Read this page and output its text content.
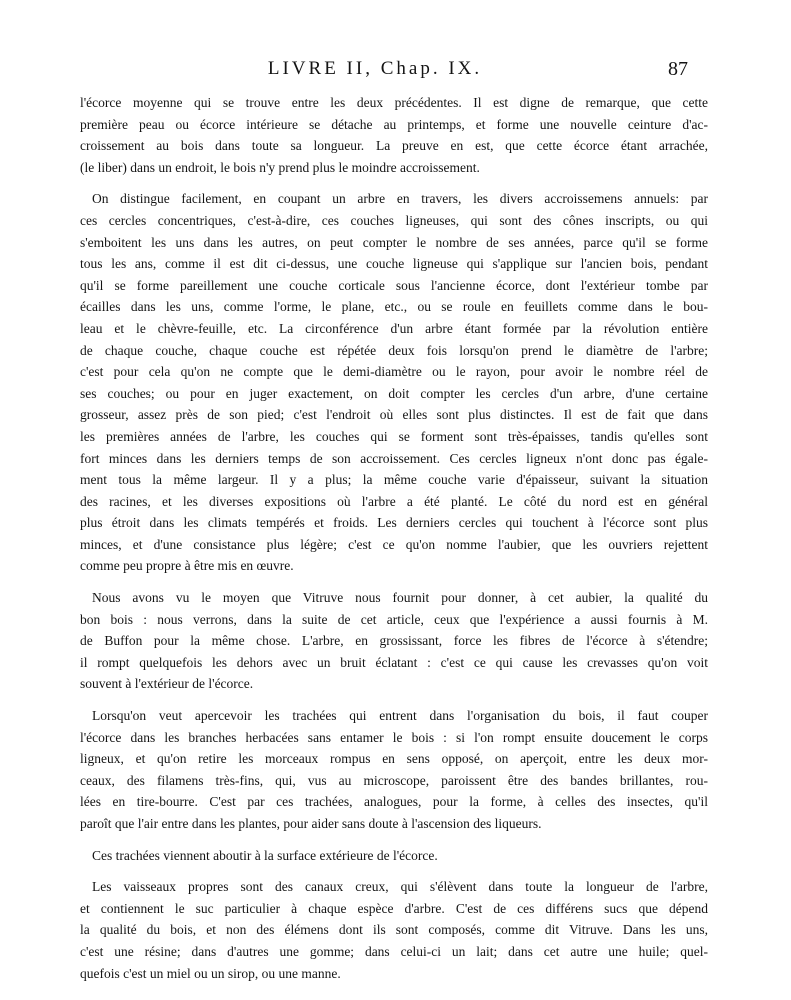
LIVRE II, Chap. IX.	87
l'écorce moyenne qui se trouve entre les deux précédentes. Il est digne de remarque, que cette
première peau ou écorce intérieure se détache au printemps, et forme une nouvelle ceinture d'ac-
croissement au bois dans toute sa longueur. La preuve en est, que cette écorce étant arrachée,
(le liber) dans un endroit, le bois n'y prend plus le moindre accroissement.
On distingue facilement, en coupant un arbre en travers, les divers accroissemens annuels: par
ces cercles concentriques, c'est-à-dire, ces couches ligneuses, qui sont des cônes inscripts, ou qui
s'emboitent les uns dans les autres, on peut compter le nombre de ses années, parce qu'il se forme
tous les ans, comme il est dit ci-dessus, une couche ligneuse qui s'applique sur l'ancien bois, pendant
qu'il se forme pareillement une couche corticale sous l'ancienne écorce, dont l'extérieur tombe par
écailles dans les uns, comme l'orme, le plane, etc., ou se roule en feuillets comme dans le bou-
leau et le chèvre-feuille, etc. La circonférence d'un arbre étant formée par la révolution entière
de chaque couche, chaque couche est répétée deux fois lorsqu'on prend le diamètre de l'arbre;
c'est pour cela qu'on ne compte que le demi-diamètre ou le rayon, pour avoir le nombre réel de
ses couches; ou pour en juger exactement, on doit compter les cercles d'un arbre, d'une certaine
grosseur, assez près de son pied; c'est l'endroit où elles sont plus distinctes. Il est de fait que dans
les premières années de l'arbre, les couches qui se forment sont très-épaisses, tandis qu'elles sont
fort minces dans les derniers temps de son accroissement. Ces cercles ligneux n'ont donc pas égale-
ment tous la même largeur. Il y a plus; la même couche varie d'épaisseur, suivant la situation
des racines, et les diverses expositions où l'arbre a été planté. Le côté du nord est en général
plus étroit dans les climats tempérés et froids. Les derniers cercles qui touchent à l'écorce sont plus
minces, et d'une consistance plus légère; c'est ce qu'on nomme l'aubier, que les ouvriers rejettent
comme peu propre à être mis en œuvre.
Nous avons vu le moyen que Vitruve nous fournit pour donner, à cet aubier, la qualité du
bon bois : nous verrons, dans la suite de cet article, ceux que l'expérience a aussi fournis à M.
de Buffon pour la même chose. L'arbre, en grossissant, force les fibres de l'écorce à s'étendre;
il rompt quelquefois les dehors avec un bruit éclatant : c'est ce qui cause les crevasses qu'on voit
souvent à l'extérieur de l'écorce.
Lorsqu'on veut apercevoir les trachées qui entrent dans l'organisation du bois, il faut couper
l'écorce dans les branches herbacées sans entamer le bois : si l'on rompt ensuite doucement le corps
ligneux, et qu'on retire les morceaux rompus en sens opposé, on aperçoit, entre les deux mor-
ceaux, des filamens très-fins, qui, vus au microscope, paroissent être des bandes brillantes, rou-
lées en tire-bourre. C'est par ces trachées, analogues, pour la forme, à celles des insectes, qu'il
paroît que l'air entre dans les plantes, pour aider sans doute à l'ascension des liqueurs.
Ces trachées viennent aboutir à la surface extérieure de l'écorce.
Les vaisseaux propres sont des canaux creux, qui s'élèvent dans toute la longueur de l'arbre,
et contiennent le suc particulier à chaque espèce d'arbre. C'est de ces différens sucs que dépend
la qualité du bois, et non des élémens dont ils sont composés, comme dit Vitruve. Dans les uns,
c'est une résine; dans d'autres une gomme; dans celui-ci un lait; dans cet autre une huile; quel-
quefois c'est un miel ou un sirop, ou une manne.
